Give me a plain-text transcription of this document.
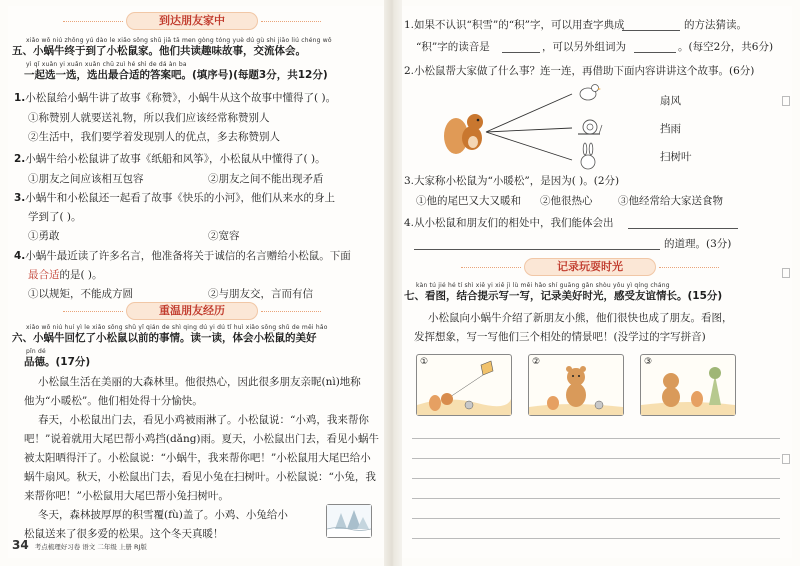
到达朋友家中
xiǎo wō niú zhōng yú dào le xiǎo sōng shǔ jiā tā men gòng tóng yuè dú gù shi jiāo liú chéng wǒ
五、小蜗牛终于到了小松鼠家。他们共读趣味故事，交流体会。
yì qǐ xuǎn yi xuǎn xuǎn chū zuì hé shì de dá àn ba
一起选一选，选出最合适的答案吧。(填序号)(每题3分，共12分)
1.小松鼠给小蜗牛讲了故事《称赞》，小蜗牛从这个故事中懂得了( )。
①称赞别人就要送礼物，所以我们应该经常称赞别人
②生活中，我们要学着发现别人的优点，多去称赞别人
2.小蜗牛给小松鼠讲了故事《纸船和风筝》，小松鼠从中懂得了( )。
①朋友之间应该相互包容	②朋友之间不能出现矛盾
3.小蜗牛和小松鼠还一起看了故事《快乐的小河》，他们从来水的身上
学到了( )。
①勇敢	②宽容
4.小蜗牛最近读了许多名言，他准备将关于诚信的名言赠给小松鼠。下面
最合适的是( )。
①以规矩，不能成方圆	②与朋友交，言而有信
重温朋友经历
xiǎo wō niú huí yì le xiǎo sōng shǔ yǐ qián de shì qing dú yi dú tǐ huì xiǎo sōng shǔ de měi hǎo
六、小蜗牛回忆了小松鼠以前的事情。读一读，体会小松鼠的美好
pǐn dé
品德。(17分)
小松鼠生活在美丽的大森林里。他很热心，因此很多朋友亲昵(nì)地称
他为“小暖松”。他们相处得十分愉快。
春天，小松鼠出门去，看见小鸡被雨淋了。小松鼠说：“小鸡，我来帮你
吧！”说着就用大尾巴帮小鸡挡(dǎng)雨。夏天，小松鼠出门去，看见小蜗牛
被太阳晒得汗了。小松鼠说：“小蜗牛，我来帮你吧！”小松鼠用大尾巴给小
蜗牛扇风。秋天，小松鼠出门去，看见小兔在扫树叶。小松鼠说：“小兔，我
来帮你吧！”小松鼠用大尾巴帮小兔扫树叶。
冬天，森林披厚厚的积雪覆(fù)盖了。小鸡、小兔给小
松鼠送来了很多爱的松果。这个冬天真暖！
34 考点梳理好习卷 语文 二年级 上册 RJ版
1.如果不认识“积雪”的“积”字，可以用查字典成	的方法猜读。
“积”字的读音是	，可以另外组词为	。(每空2分，共6分)
2.小松鼠帮大家做了什么事？连一连，再借助下面内容讲讲这个故事。(6分)
扇风
挡雨
扫树叶
3.大家称小松鼠为“小暖松”，是因为( )。(2分)
①他的尾巴又大又暖和 ②他很热心 ③他经常给大家送食物
4.从小松鼠和朋友们的相处中，我们能体会出
的道理。(3分)
记录玩耍时光
kàn tú jié hé tí shì xiě yi xiě jì lù měi hǎo shí guāng gǎn shòu yǒu yì qíng cháng
七、看图，结合提示写一写，记录美好时光，感受友谊情长。(15分)
小松鼠向小蜗牛介绍了新朋友小熊，他们很快也成了朋友。看图，
发挥想象，写一写他们三个相处的情景吧！(没学过的字写拼音)
①	②	③
